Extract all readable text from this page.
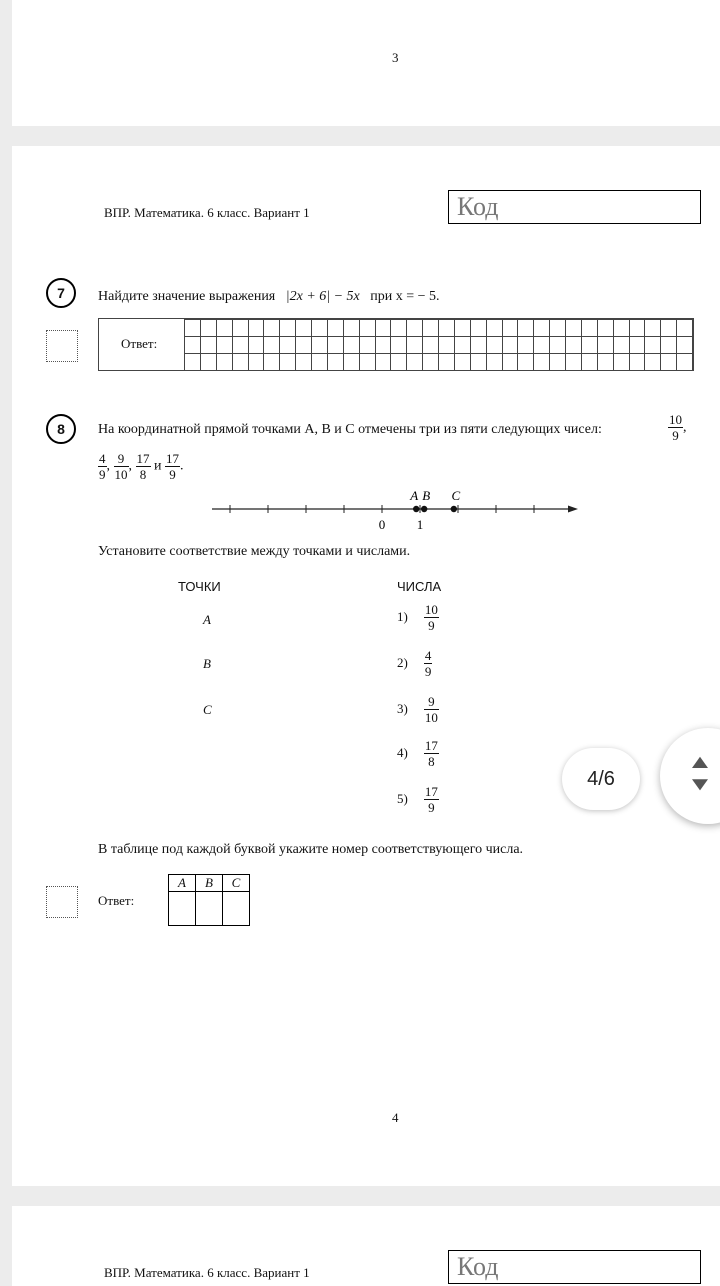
3
ВПР. Математика. 6 класс. Вариант 1	Код
7	Найдите значение выражения |2x + 6| − 5x при x = − 5.
Ответ:

8	На координатной прямой точками A, B и C отмечены три из пяти следующих чисел:	$\frac{10}{9}$ ,
$\frac{4}{9}$ , $\frac{9}{10}$ , $\frac{17}{8}$ и $\frac{17}{9}$ .
A B C
0 1
Установите соответствие между точками и числами.
ТОЧКИ	ЧИСЛА
A
B
C
$1) \frac{10}{9}$
$2) \frac{4}{9}$
$3) \frac{9}{10}$
$4) \frac{17}{8}$
$5) \frac{17}{9}$
В таблице под каждой буквой укажите номер соответствующего числа.
Ответ:
A	B	C

4
ВПР. Математика. 6 класс. Вариант 1	Код
4/6
